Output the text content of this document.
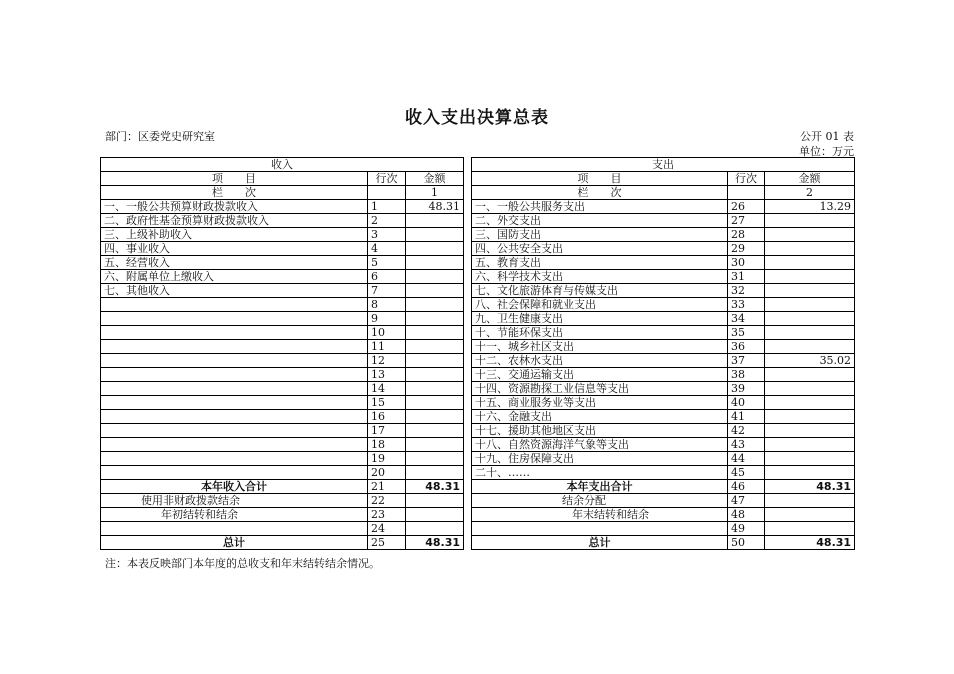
收入支出决算总表
部门：区委党史研究室	公开 01 表
单位：万元
收入				支出		
项　　目	行次	金额		项　　目	行次	金额
栏　　次		1		栏　　次		2
一、一般公共预算财政拨款收入	1	48.31		一、一般公共服务支出	26	13.29
二、政府性基金预算财政拨款收入	2			二、外交支出	27	
三、上级补助收入	3			三、国防支出	28	
四、事业收入	4			四、公共安全支出	29	
五、经营收入	5			五、教育支出	30	
六、附属单位上缴收入	6			六、科学技术支出	31	
七、其他收入	7			七、文化旅游体育与传媒支出	32	
	8			八、社会保障和就业支出	33	
	9			九、卫生健康支出	34	
	10			十、节能环保支出	35	
	11			十一、城乡社区支出	36	
	12			十二、农林水支出	37	35.02
	13			十三、交通运输支出	38	
	14			十四、资源勘探工业信息等支出	39	
	15			十五、商业服务业等支出	40	
	16			十六、金融支出	41	
	17			十七、援助其他地区支出	42	
	18			十八、自然资源海洋气象等支出	43	
	19			十九、住房保障支出	44	
	20			二十、……	45	
本年收入合计	21	48.31		本年支出合计	46	48.31
使用非财政拨款结余	22			结余分配	47	
年初结转和结余	23			年末结转和结余	48	
	24				49	
总计	25	48.31		总计	50	48.31
注：本表反映部门本年度的总收支和年末结转结余情况。
